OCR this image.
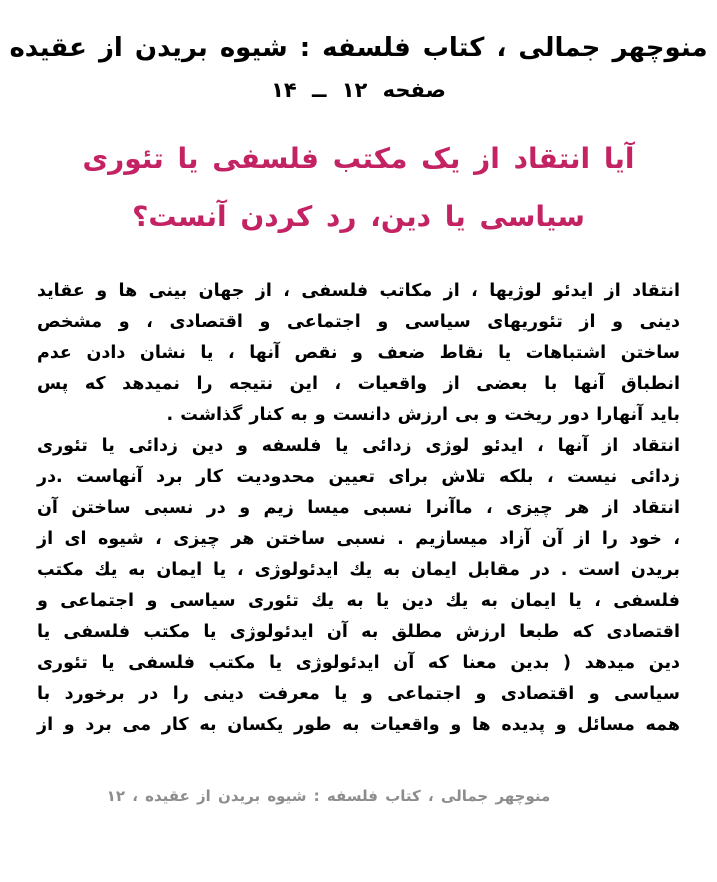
منوچهر جمالی ، کتاب فلسفه : شیوه بریدن از عقیده
صفحه ۱۲ ــ ۱۴
آیا انتقاد از یک مکتب فلسفی یا تئوری
سیاسی یا دین، رد کردن آنست؟
انتقاد از ایدئو لوژیها ، از مکاتب فلسفی ، از جهان بینی ها و عقاید
دینی و از تئوریهای سیاسی و اجتماعی و اقتصادی ، و مشخص
ساختن اشتباهات یا نقاط ضعف و نقص آنها ، یا نشان دادن عدم
انطباق آنها با بعضی از واقعیات ، این نتیجه را نمیدهد که پس
باید آنهارا دور ریخت و بی ارزش دانست و به کنار گذاشت .
انتقاد از آنها ، ایدئو لوژی زدائی یا فلسفه و دین زدائی یا تئوری
زدائی نیست ، بلکه تلاش برای تعیین محدودیت کار برد آنهاست .در
انتقاد از هر چیزی ، ماآنرا نسبی میسا زیم و در نسبی ساختن آن
، خود را از آن آزاد میسازیم . نسبی ساختن هر چیزی ، شیوه ای از
بریدن است . در مقابل ایمان به یك ایدئولوژی ، یا ایمان به یك مکتب
فلسفی ، یا ایمان به یك دین یا به یك تئوری سیاسی و اجتماعی و
اقتصادی که طبعا ارزش مطلق به آن ایدئولوژی یا مکتب فلسفی یا
دین میدهد ( بدین معنا که آن ایدئولوژی یا مکتب فلسفی یا تئوری
سیاسی و اقتصادی و اجتماعی و یا معرفت دینی را در برخورد با
همه مسائل و پدیده ها و واقعیات به طور یکسان به کار می برد و از
منوچهر جمالی ، کتاب فلسفه : شیوه بریدن از عقیده ، ۱۲
